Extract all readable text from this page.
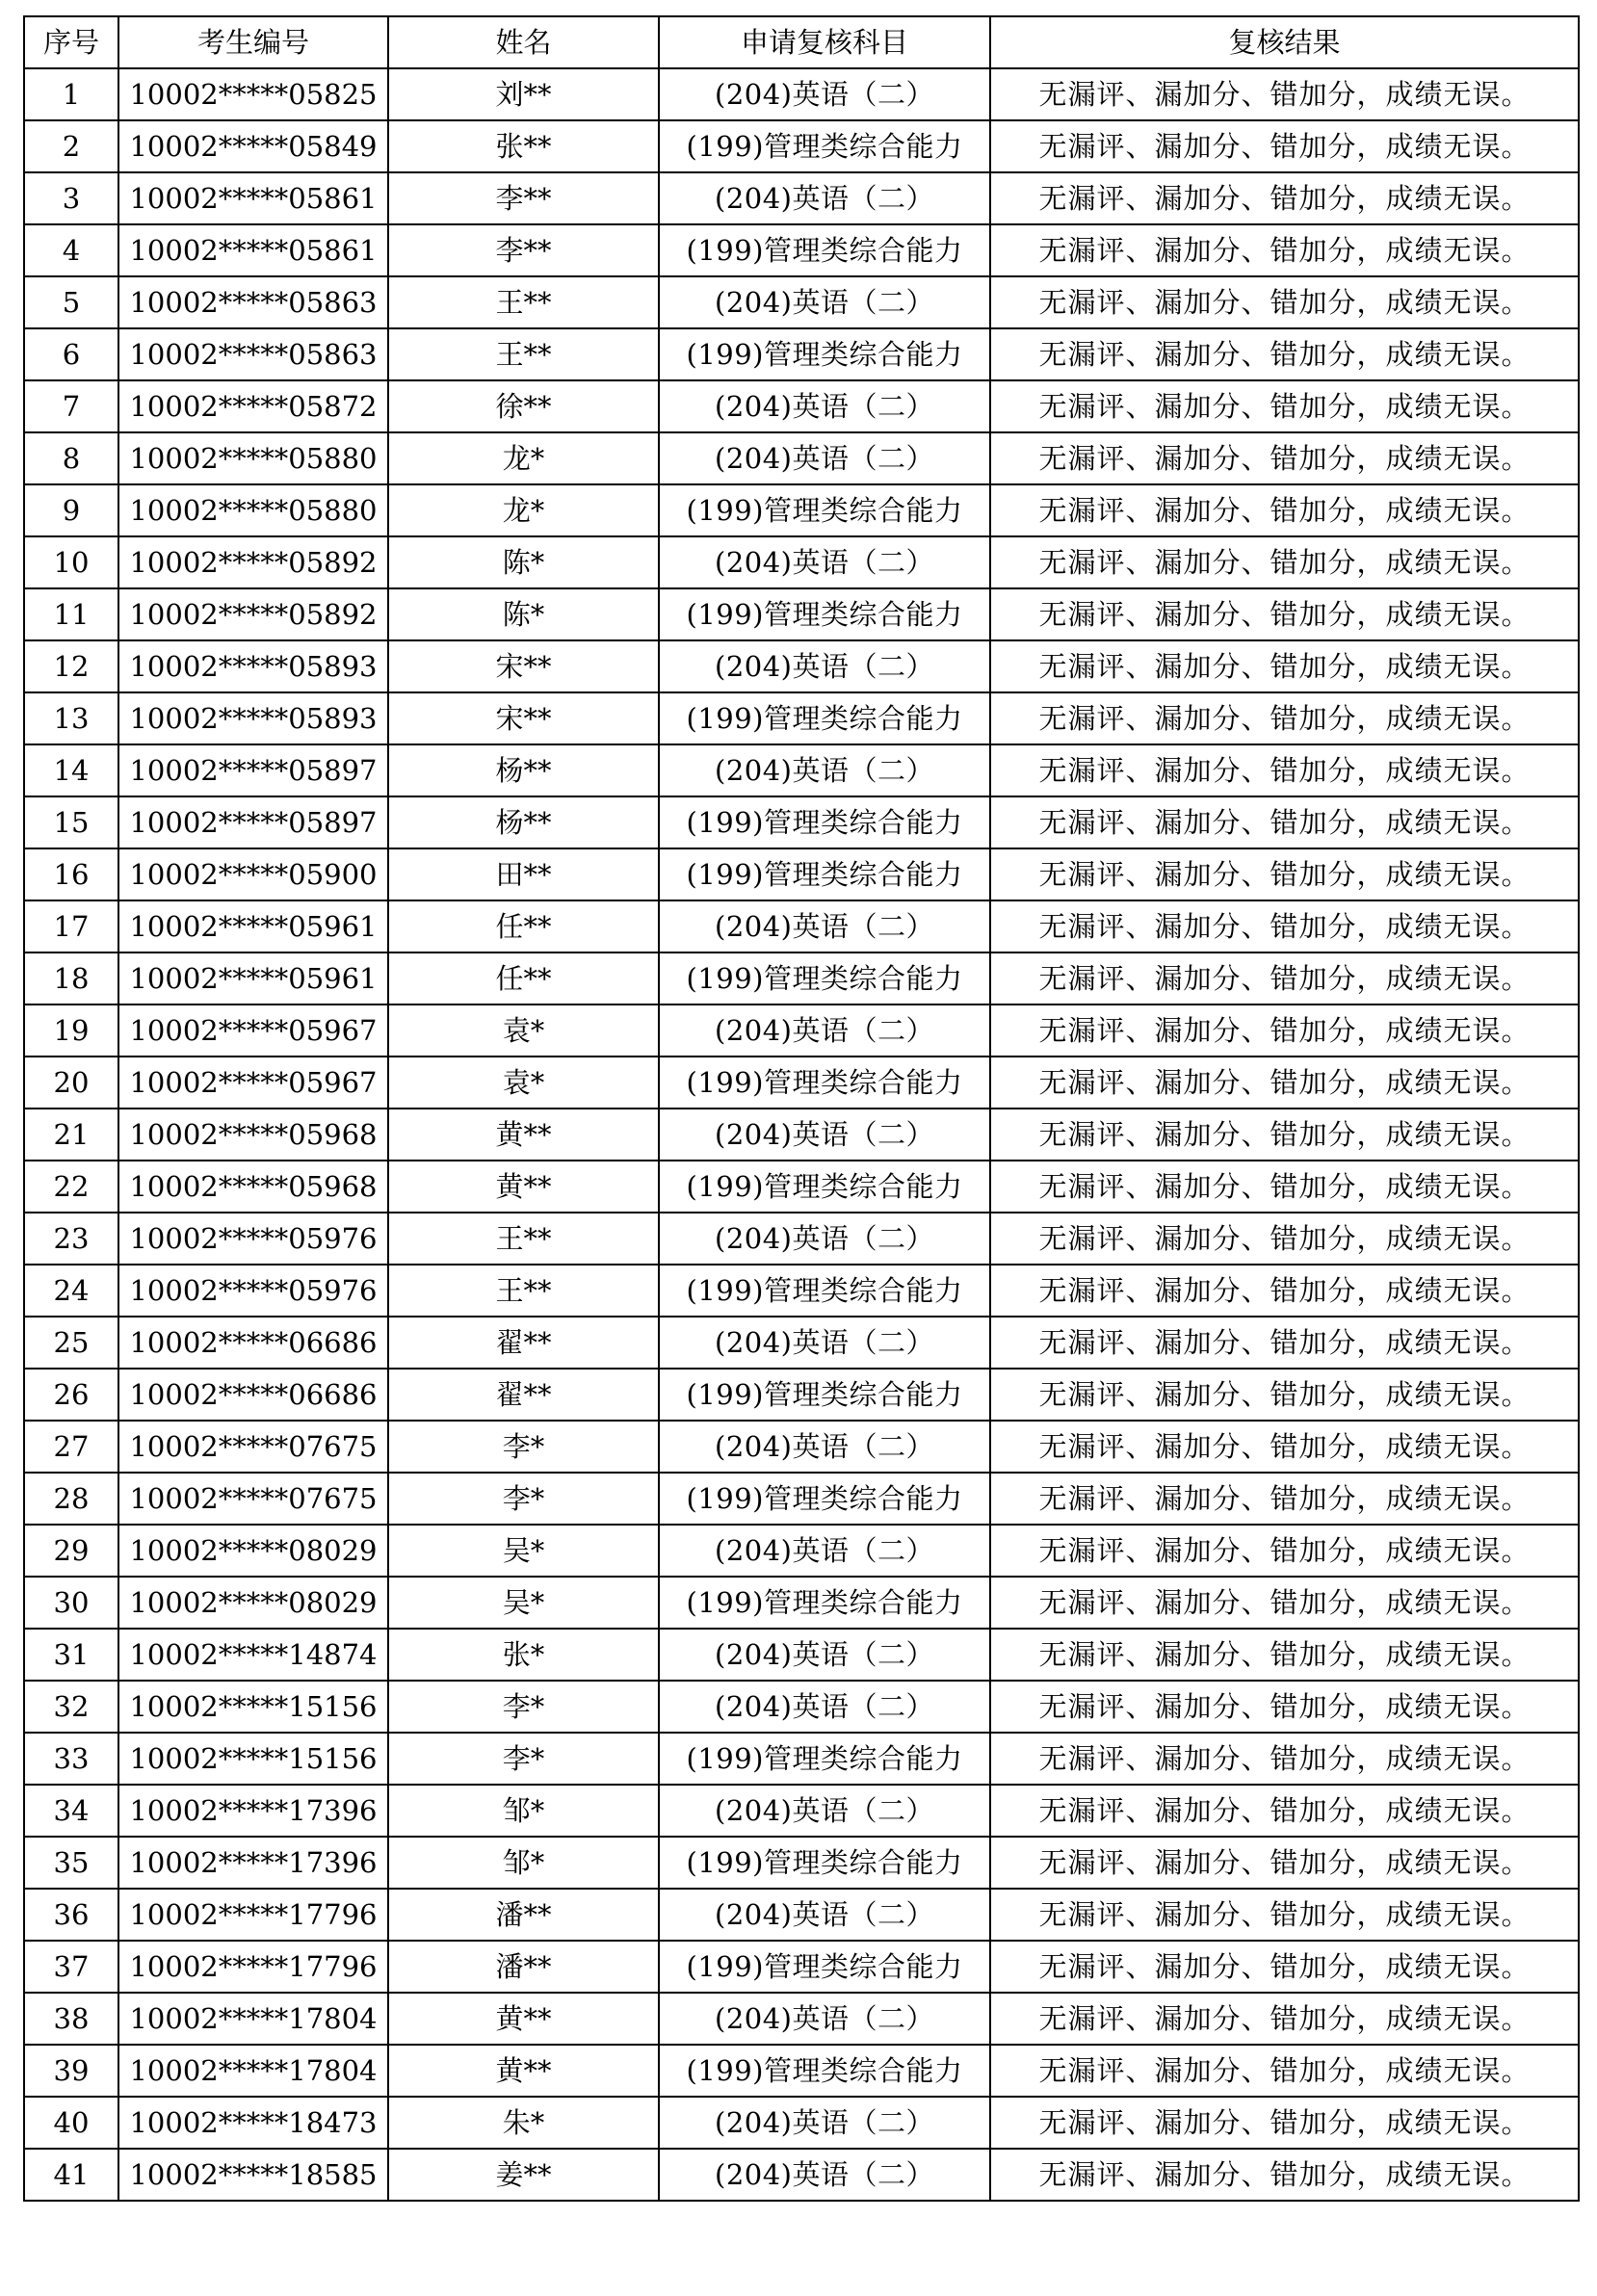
序号	考生编号	姓名	申请复核科目	复核结果
1	10002*****05825	刘**	(204)英语（二）	无漏评、漏加分、错加分，成绩无误。
2	10002*****05849	张**	(199)管理类综合能力	无漏评、漏加分、错加分，成绩无误。
3	10002*****05861	李**	(204)英语（二）	无漏评、漏加分、错加分，成绩无误。
4	10002*****05861	李**	(199)管理类综合能力	无漏评、漏加分、错加分，成绩无误。
5	10002*****05863	王**	(204)英语（二）	无漏评、漏加分、错加分，成绩无误。
6	10002*****05863	王**	(199)管理类综合能力	无漏评、漏加分、错加分，成绩无误。
7	10002*****05872	徐**	(204)英语（二）	无漏评、漏加分、错加分，成绩无误。
8	10002*****05880	龙*	(204)英语（二）	无漏评、漏加分、错加分，成绩无误。
9	10002*****05880	龙*	(199)管理类综合能力	无漏评、漏加分、错加分，成绩无误。
10	10002*****05892	陈*	(204)英语（二）	无漏评、漏加分、错加分，成绩无误。
11	10002*****05892	陈*	(199)管理类综合能力	无漏评、漏加分、错加分，成绩无误。
12	10002*****05893	宋**	(204)英语（二）	无漏评、漏加分、错加分，成绩无误。
13	10002*****05893	宋**	(199)管理类综合能力	无漏评、漏加分、错加分，成绩无误。
14	10002*****05897	杨**	(204)英语（二）	无漏评、漏加分、错加分，成绩无误。
15	10002*****05897	杨**	(199)管理类综合能力	无漏评、漏加分、错加分，成绩无误。
16	10002*****05900	田**	(199)管理类综合能力	无漏评、漏加分、错加分，成绩无误。
17	10002*****05961	任**	(204)英语（二）	无漏评、漏加分、错加分，成绩无误。
18	10002*****05961	任**	(199)管理类综合能力	无漏评、漏加分、错加分，成绩无误。
19	10002*****05967	袁*	(204)英语（二）	无漏评、漏加分、错加分，成绩无误。
20	10002*****05967	袁*	(199)管理类综合能力	无漏评、漏加分、错加分，成绩无误。
21	10002*****05968	黄**	(204)英语（二）	无漏评、漏加分、错加分，成绩无误。
22	10002*****05968	黄**	(199)管理类综合能力	无漏评、漏加分、错加分，成绩无误。
23	10002*****05976	王**	(204)英语（二）	无漏评、漏加分、错加分，成绩无误。
24	10002*****05976	王**	(199)管理类综合能力	无漏评、漏加分、错加分，成绩无误。
25	10002*****06686	翟**	(204)英语（二）	无漏评、漏加分、错加分，成绩无误。
26	10002*****06686	翟**	(199)管理类综合能力	无漏评、漏加分、错加分，成绩无误。
27	10002*****07675	李*	(204)英语（二）	无漏评、漏加分、错加分，成绩无误。
28	10002*****07675	李*	(199)管理类综合能力	无漏评、漏加分、错加分，成绩无误。
29	10002*****08029	吴*	(204)英语（二）	无漏评、漏加分、错加分，成绩无误。
30	10002*****08029	吴*	(199)管理类综合能力	无漏评、漏加分、错加分，成绩无误。
31	10002*****14874	张*	(204)英语（二）	无漏评、漏加分、错加分，成绩无误。
32	10002*****15156	李*	(204)英语（二）	无漏评、漏加分、错加分，成绩无误。
33	10002*****15156	李*	(199)管理类综合能力	无漏评、漏加分、错加分，成绩无误。
34	10002*****17396	邹*	(204)英语（二）	无漏评、漏加分、错加分，成绩无误。
35	10002*****17396	邹*	(199)管理类综合能力	无漏评、漏加分、错加分，成绩无误。
36	10002*****17796	潘**	(204)英语（二）	无漏评、漏加分、错加分，成绩无误。
37	10002*****17796	潘**	(199)管理类综合能力	无漏评、漏加分、错加分，成绩无误。
38	10002*****17804	黄**	(204)英语（二）	无漏评、漏加分、错加分，成绩无误。
39	10002*****17804	黄**	(199)管理类综合能力	无漏评、漏加分、错加分，成绩无误。
40	10002*****18473	朱*	(204)英语（二）	无漏评、漏加分、错加分，成绩无误。
41	10002*****18585	姜**	(204)英语（二）	无漏评、漏加分、错加分，成绩无误。
